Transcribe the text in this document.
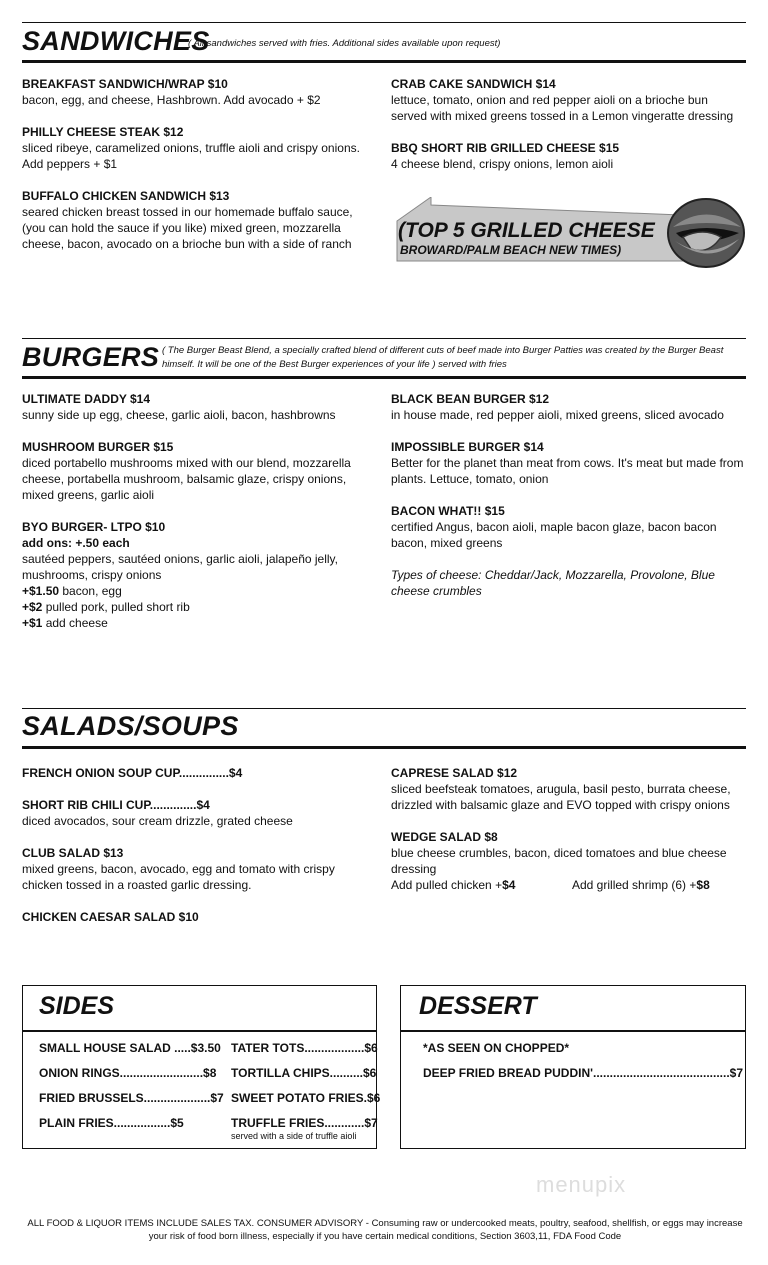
SANDWICHES
( All sandwiches served with fries. Additional sides available upon request)
BREAKFAST SANDWICH/WRAP $10
bacon, egg, and cheese, Hashbrown. Add avocado + $2
PHILLY CHEESE STEAK $12
sliced ribeye, caramelized onions, truffle aioli and crispy onions. Add peppers + $1
BUFFALO CHICKEN SANDWICH $13
seared chicken breast tossed in our homemade buffalo sauce, (you can hold the sauce if you like) mixed green, mozzarella cheese, bacon, avocado on a brioche bun with a side of ranch
CRAB CAKE SANDWICH $14
lettuce, tomato, onion and red pepper aioli on a brioche bun served with mixed greens tossed in a Lemon vingeratte dressing
BBQ SHORT RIB GRILLED CHEESE $15
4 cheese blend, crispy onions, lemon aioli
(TOP 5 GRILLED CHEESE
BROWARD/PALM BEACH NEW TIMES)
BURGERS ( The Burger Beast Blend, a specially crafted blend of different cuts of beef made into Burger Patties was created by the Burger Beast himself. It will be one of the Best Burger experiences of your life ) served with fries
ULTIMATE DADDY $14
sunny side up egg, cheese, garlic aioli, bacon, hashbrowns
MUSHROOM BURGER $15
diced portabello mushrooms mixed with our blend, mozzarella cheese, portabella mushroom, balsamic glaze, crispy onions, mixed greens, garlic aioli
BYO BURGER- LTPO $10
add ons: +.50 each
sautéed peppers, sautéed onions, garlic aioli, jalapeño jelly, mushrooms, crispy onions
+$1.50 bacon, egg
+$2 pulled pork, pulled short rib
+$1 add cheese
BLACK BEAN BURGER $12
in house made, red pepper aioli, mixed greens, sliced avocado
IMPOSSIBLE BURGER $14
Better for the planet than meat from cows. It's meat but made from plants. Lettuce, tomato, onion
BACON WHAT!! $15
certified Angus, bacon aioli, maple bacon glaze, bacon bacon bacon, mixed greens
Types of cheese: Cheddar/Jack, Mozzarella, Provolone, Blue cheese crumbles
SALADS/SOUPS
FRENCH ONION SOUP CUP...............$4
SHORT RIB CHILI CUP..............$4
diced avocados, sour cream drizzle, grated cheese
CLUB SALAD $13
mixed greens, bacon, avocado, egg and tomato with crispy chicken tossed in a roasted garlic dressing.
CHICKEN CAESAR SALAD $10
CAPRESE SALAD $12
sliced beefsteak tomatoes, arugula, basil pesto, burrata cheese, drizzled with balsamic glaze and EVO topped with crispy onions
WEDGE SALAD $8
blue cheese crumbles, bacon, diced tomatoes and blue cheese dressing
Add pulled chicken +$4	Add grilled shrimp (6) +$8
SIDES
SMALL HOUSE SALAD .....$3.50
ONION RINGS.........................$8
FRIED BRUSSELS....................$7
PLAIN FRIES.................$5
TATER TOTS..................$6
TORTILLA CHIPS..........$6
SWEET POTATO FRIES.$6
TRUFFLE FRIES............$7
served with a side of truffle aioli
DESSERT
*AS SEEN ON CHOPPED*
DEEP FRIED BREAD PUDDIN'.........................................$7
menupix
ALL FOOD & LIQUOR ITEMS INCLUDE SALES TAX. CONSUMER ADVISORY - Consuming raw or undercooked meats, poultry, seafood, shellfish, or eggs may increase your risk of food born illness, especially if you have certain medical conditions, Section 3603,11, FDA Food Code
